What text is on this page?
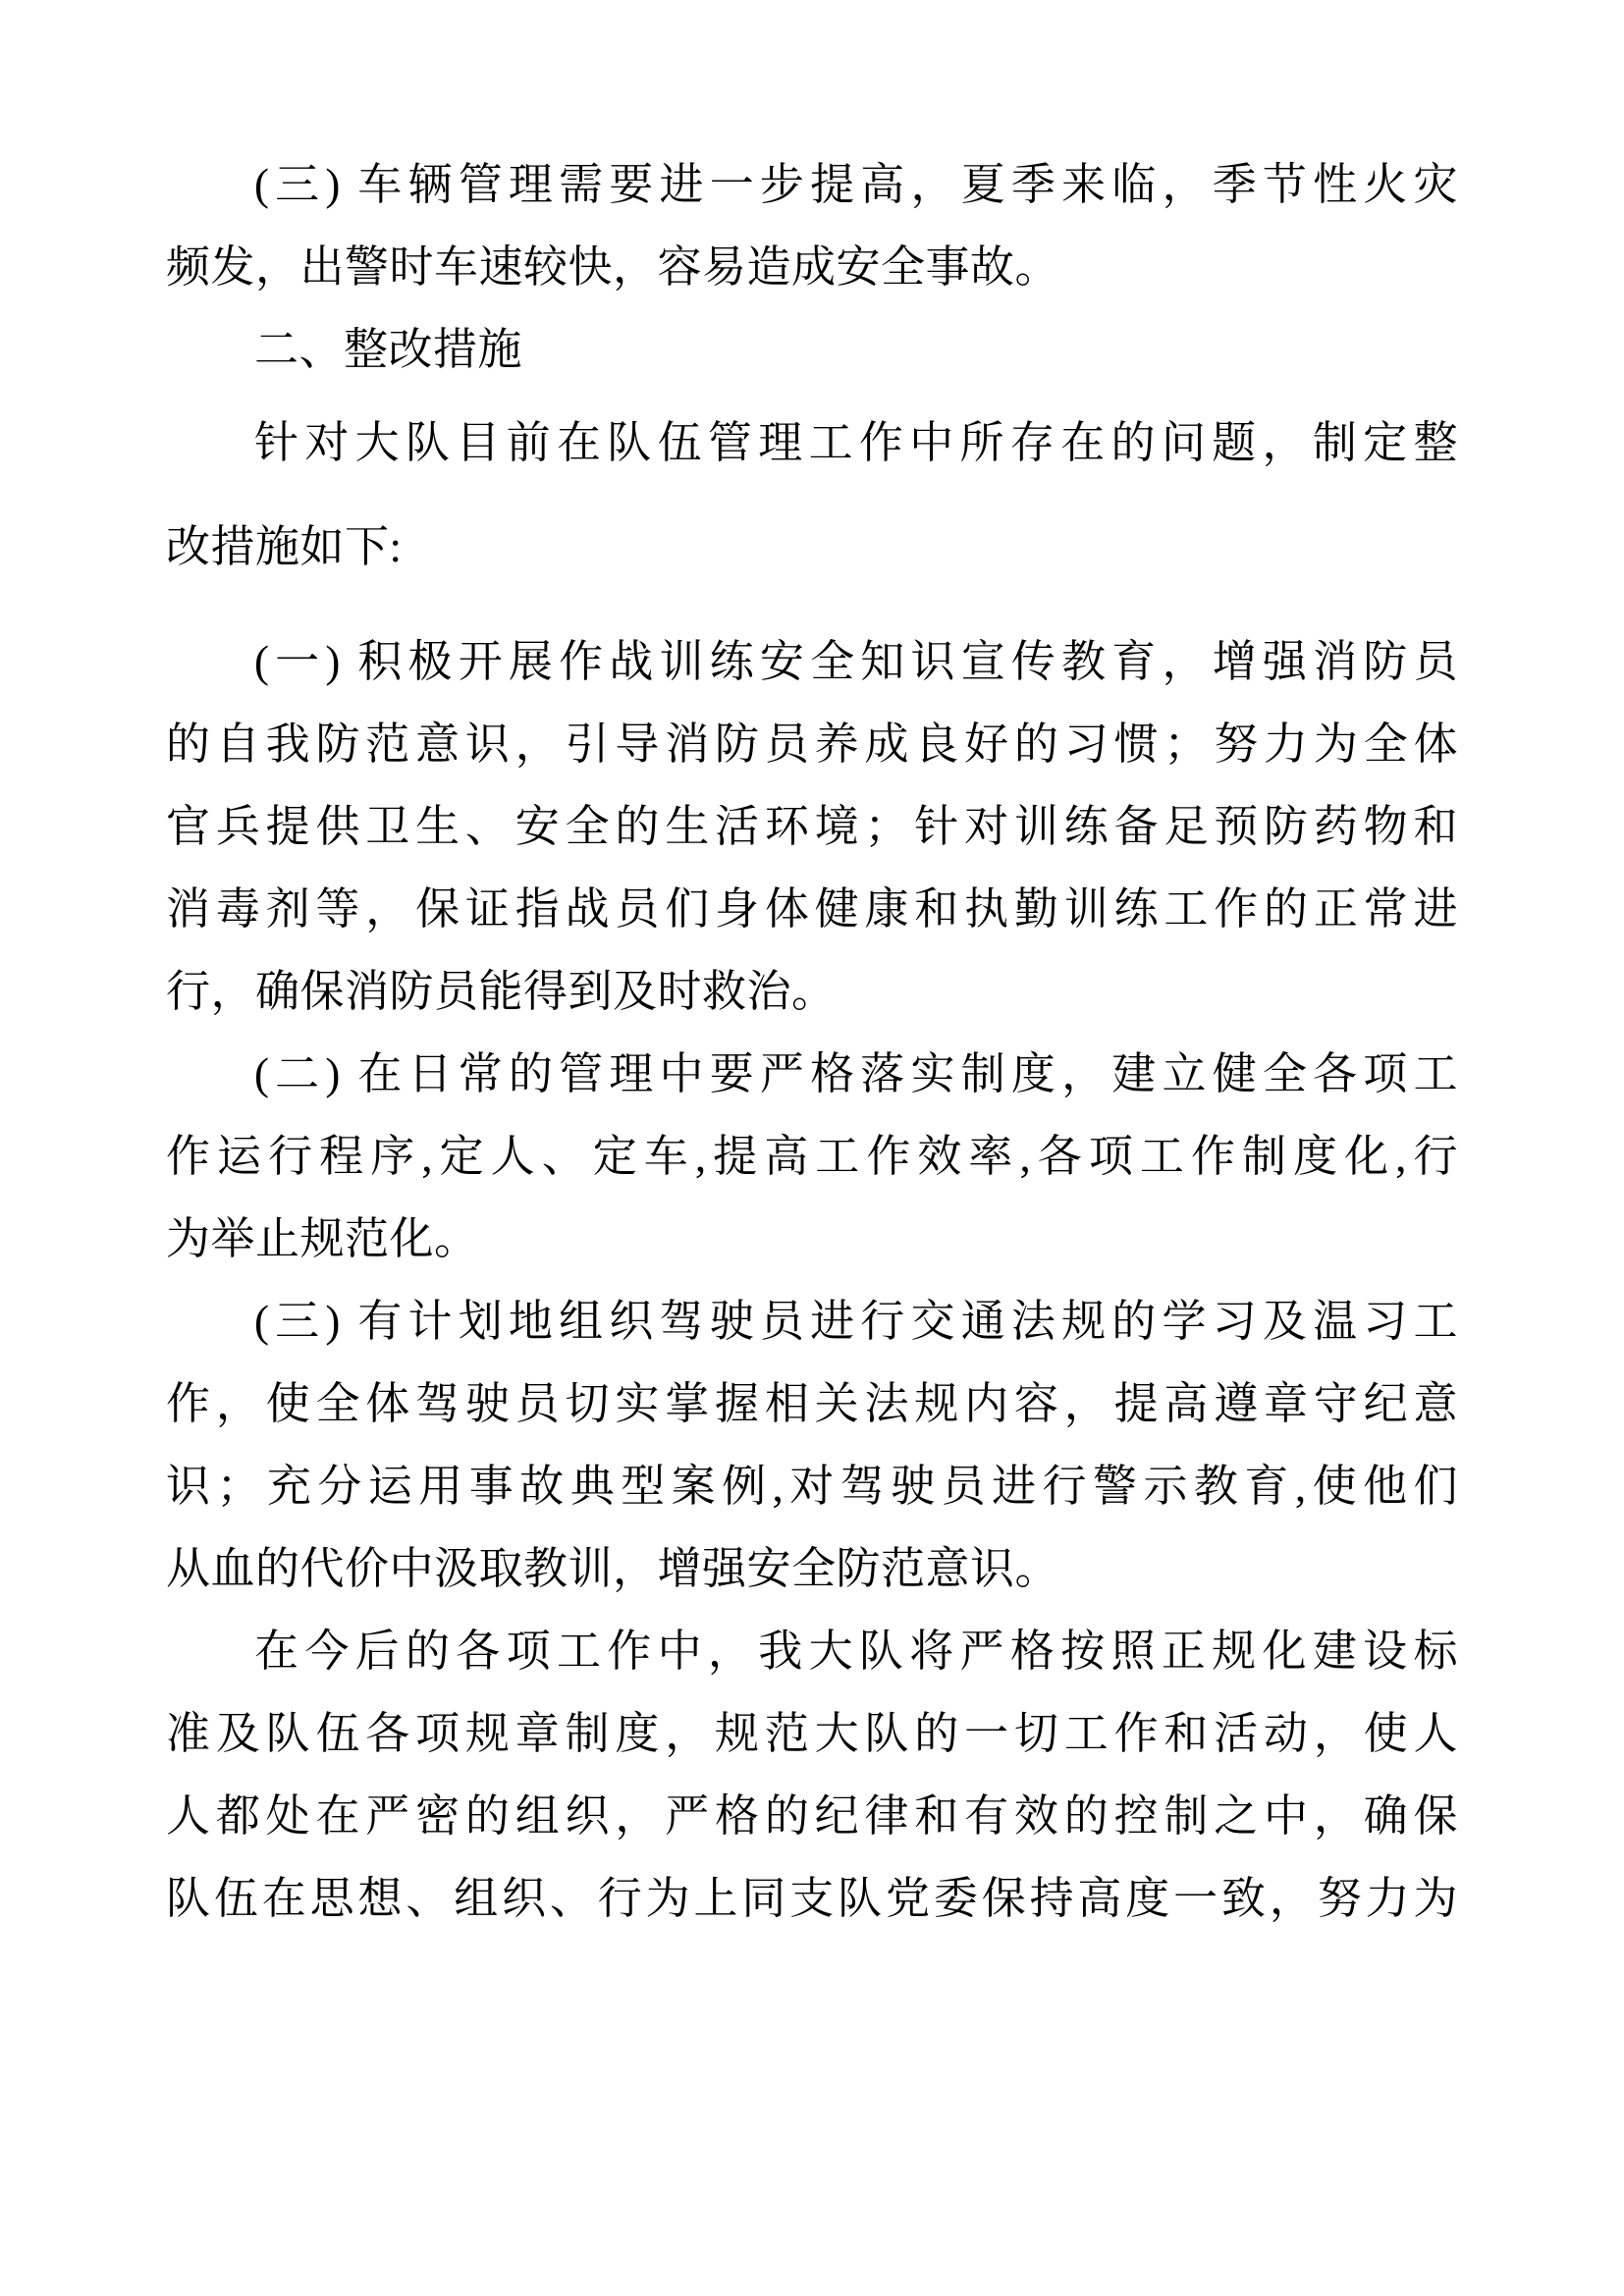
(三) 车辆管理需要进一步提高，夏季来临，季节性火灾
频发，出警时车速较快，容易造成安全事故。
二、整改措施
针对大队目前在队伍管理工作中所存在的问题，制定整
改措施如下:
(一) 积极开展作战训练安全知识宣传教育，增强消防员
的自我防范意识，引导消防员养成良好的习惯；努力为全体
官兵提供卫生、安全的生活环境；针对训练备足预防药物和
消毒剂等，保证指战员们身体健康和执勤训练工作的正常进
行，确保消防员能得到及时救治。
(二) 在日常的管理中要严格落实制度，建立健全各项工
作运行程序,定人、定车,提高工作效率,各项工作制度化,行
为举止规范化。
(三) 有计划地组织驾驶员进行交通法规的学习及温习工
作，使全体驾驶员切实掌握相关法规内容，提高遵章守纪意
识；充分运用事故典型案例,对驾驶员进行警示教育,使他们
从血的代价中汲取教训，增强安全防范意识。
在今后的各项工作中，我大队将严格按照正规化建设标
准及队伍各项规章制度，规范大队的一切工作和活动，使人
人都处在严密的组织，严格的纪律和有效的控制之中，确保
队伍在思想、组织、行为上同支队党委保持高度一致，努力为
